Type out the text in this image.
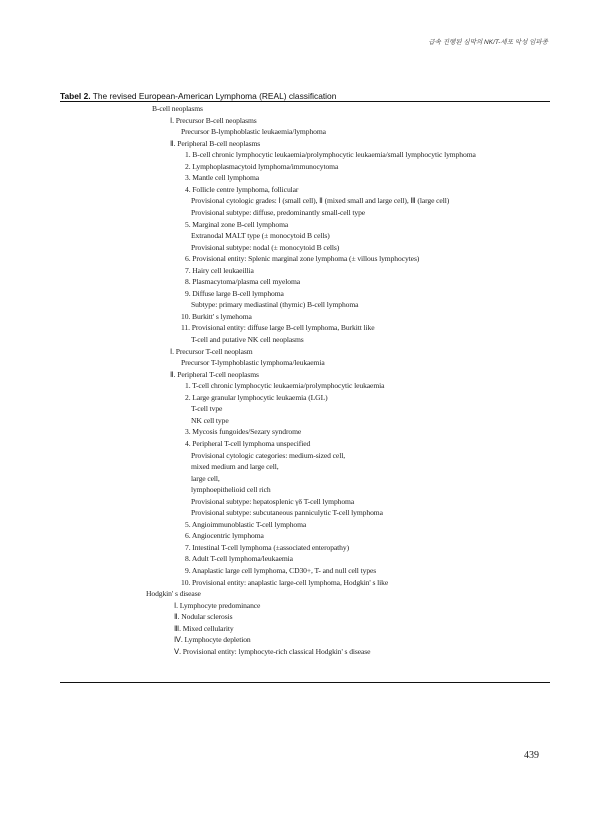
급속 진행된 심막의 NK/T-세포 악성 임파종
Tabel 2. The revised European-American Lymphoma (REAL) classification
B-cell neoplasms
Ⅰ. Precursor B-cell neoplasms
Precursor B-lymphoblastic leukaemia/lymphoma
Ⅱ. Peripheral B-cell neoplasms
1. B-cell chronic lymphocytic leukaemia/prolymphocytic leukaemia/small lymphocytic lymphoma
2. Lymphoplasmacytoid lymphoma/immunocytoma
3. Mantle cell lymphoma
4. Follicle centre lymphoma, follicular
Provisional cytologic grades: Ⅰ (small cell), Ⅱ (mixed small and large cell), Ⅲ (large cell)
Provisional subtype: diffuse, predominantly small-cell type
5. Marginal zone B-cell lymphoma
Extranodal MALT type (± monocytoid B cells)
Provisional subtype: nodal (± monocytoid B cells)
6. Provisional entity: Splenic marginal zone lymphoma (± villous lymphocytes)
7. Hairy cell leukaeillia
8. Plasmacytoma/plasma cell myeloma
9. Diffuse large B-cell lymphoma
Subtype: primary mediastinal (thymic) B-cell lymphoma
10. Burkitt' s lymehoma
11. Provisional entity: diffuse large B-cell lymphoma, Burkitt like
T-cell and putative NK cell neoplasms
Ⅰ. Precursor T-cell neoplasm
Precursor T-lymphoblastic lymphoma/leukaemia
Ⅱ. Peripheral T-cell neoplasms
1. T-cell chronic lymphocytic leukaemia/prolymphocytic leukaemia
2. Large granular lymphocytic leukaemia (LGL)
T-cell tvpe
NK cell type
3. Mycosis fungoides/Sezary syndrome
4. Peripheral T-cell lymphoma unspecified
Provisional cytologic categories: medium-sized cell,
mixed medium and large cell,
large cell,
lymphoepithelioid cell rich
Provisional subtype: hepatosplenic γδ T-cell lymphoma
Provisional subtype: subcutaneous panniculytic T-cell lymphoma
5. Angioimmunoblastic T-cell lymphoma
6. Angiocentric lymphoma
7. Intestinal T-cell lymphoma (±associated enteropathy)
8. Adult T-cell lymphoma/leukaemia
9. Anaplastic large cell lymphoma, CD30+, T- and null cell types
10. Provisional entity: anaplastic large-cell lymphoma, Hodgkin' s like
Hodgkin' s disease
Ⅰ. Lymphocyte predominance
Ⅱ. Nodular sclerosis
Ⅲ. Mixed cellularity
Ⅳ. Lymphocyte depletion
Ⅴ. Provisional entity: lymphocyte-rich classical Hodgkin' s disease
439
